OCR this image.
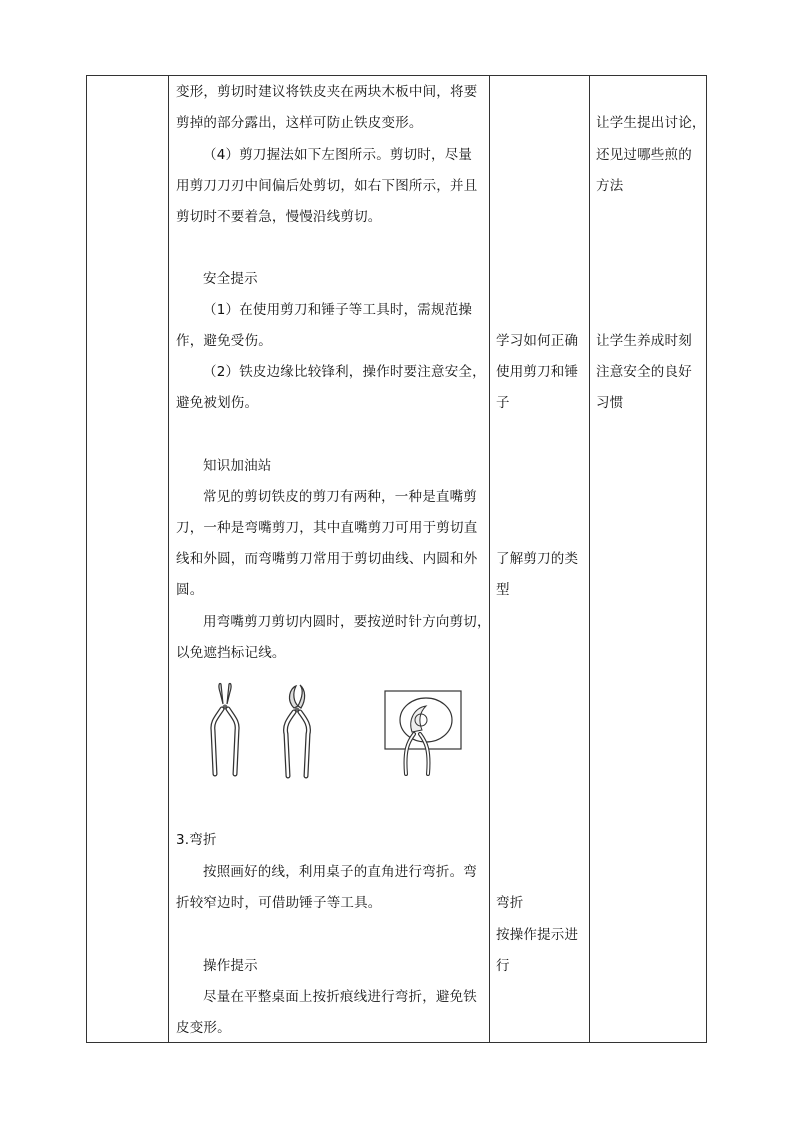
变形，剪切时建议将铁皮夹在两块木板中间，将要
剪掉的部分露出，这样可防止铁皮变形。
（4）剪刀握法如下左图所示。剪切时，尽量
用剪刀刀刃中间偏后处剪切，如右下图所示，并且
剪切时不要着急，慢慢沿线剪切。
安全提示
（1）在使用剪刀和锤子等工具时，需规范操
作，避免受伤。
（2）铁皮边缘比较锋利，操作时要注意安全，
避免被划伤。
知识加油站
常见的剪切铁皮的剪刀有两种，一种是直嘴剪
刀，一种是弯嘴剪刀，其中直嘴剪刀可用于剪切直
线和外圆，而弯嘴剪刀常用于剪切曲线、内圆和外
圆。
用弯嘴剪刀剪切内圆时，要按逆时针方向剪切，
以免遮挡标记线。
3.弯折
按照画好的线，利用桌子的直角进行弯折。弯
折较窄边时，可借助锤子等工具。
操作提示
尽量在平整桌面上按折痕线进行弯折，避免铁
皮变形。
学习如何正确
使用剪刀和锤
子
了解剪刀的类
型
弯折
按操作提示进
行
让学生提出讨论，
还见过哪些煎的
方法
让学生养成时刻
注意安全的良好
习惯
